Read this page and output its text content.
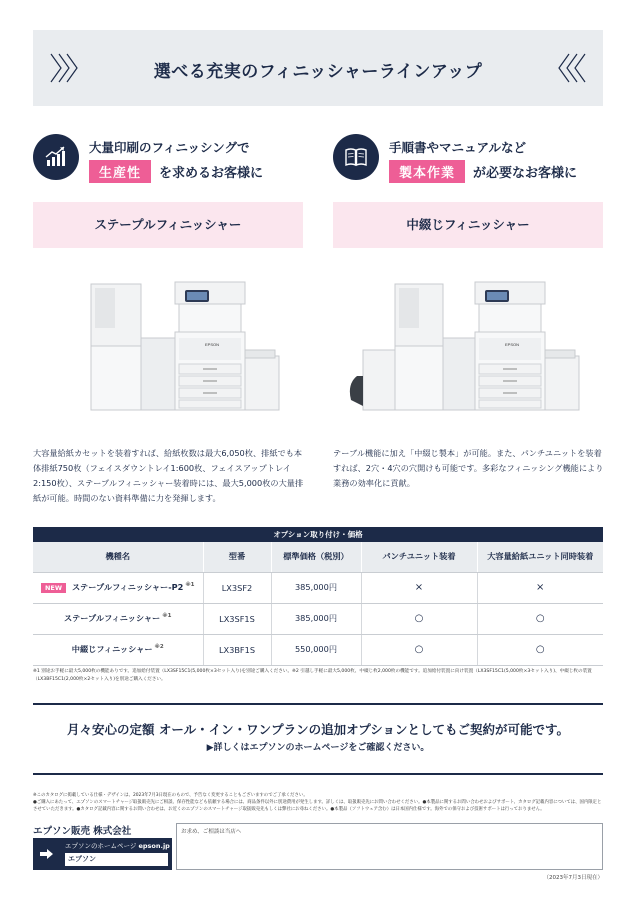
選べる充実のフィニッシャーラインアップ
大量印刷のフィニッシングで
生産性 を求めるお客様に
手順書やマニュアルなど
製本作業 が必要なお客様に
ステープルフィニッシャー	中綴じフィニッシャー
EPSON	EPSON
大容量給紙カセットを装着すれば、給紙枚数は最大6,050枚、排紙でも本体排紙750枚（フェイスダウントレイ1:600枚、フェイスアップトレイ2:150枚）、ステープルフィニッシャー装着時には、最大5,000枚の大量排紙が可能。時間のない資料準備に力を発揮します。
テーブル機能に加え「中綴じ製本」が可能。また、パンチユニットを装着すれば、2穴・4穴の穴開けも可能です。多彩なフィニッシング機能により業務の効率化に貢献。
オプション取り付け・価格
機種名	型番	標準価格（税別）	パンチユニット装着	大容量給紙ユニット同時装着
NEW ステープルフィニッシャー-P2 $^{※1}$	LX3SF2	385,000円	×	×
ステープルフィニッシャー $^{※1}$	LX3SF1S	385,000円	○	○
中綴じフィニッシャー $^{※2}$	LX3BF1S	550,000円	○	○
※1 別途お手軽に最大5,000枚の機能ありです。追加給付装置（LX3SF15C1(5,000枚×3セット入り)を別途ご購入ください。※2 引越し手軽に最大5,000枚、中綴じ枚2,000枚の機能です。追加給付装置に向け装置（LX3SF15C1(5,000枚×3セット入り)、中綴じ枚の装置（LX3BF15C1(2,000枚×2セット入り)を別途ご購入ください。
月々安心の定額 オール・イン・ワンプランの追加オプションとしてもご契約が可能です。
▶詳しくはエプソンのホームページをご確認ください。
※このカタログに掲載している仕様・デザインは、2023年7月3日現在のもので、予告なく変更することもございますのでご了承ください。
●ご購入にあたって、エプソンのスマートチャージ取扱販売先にご相談、保存性能なども依頼する場合には、商品条件以外に別途費用が発生します。詳しくは、取扱販売先にお問い合わせください。●本製品に関するお問い合わせおよびサポート、カタログ記載内容については、国内限定とさせていただきます。●カタログ記載内容に関するお問い合わせは、お近くのエプソンのスマートチャージ取扱販売先もしくは弊社にお尋ねください。●本製品（ソフトウェア含む）は日本国内仕様です。海外での保守および技術サポートは行っておりません。
エプソン販売 株式会社
エプソンのホームページ epson.jp
エプソン
お求め、ご相談は当店へ
（2023年7月3日現在）
